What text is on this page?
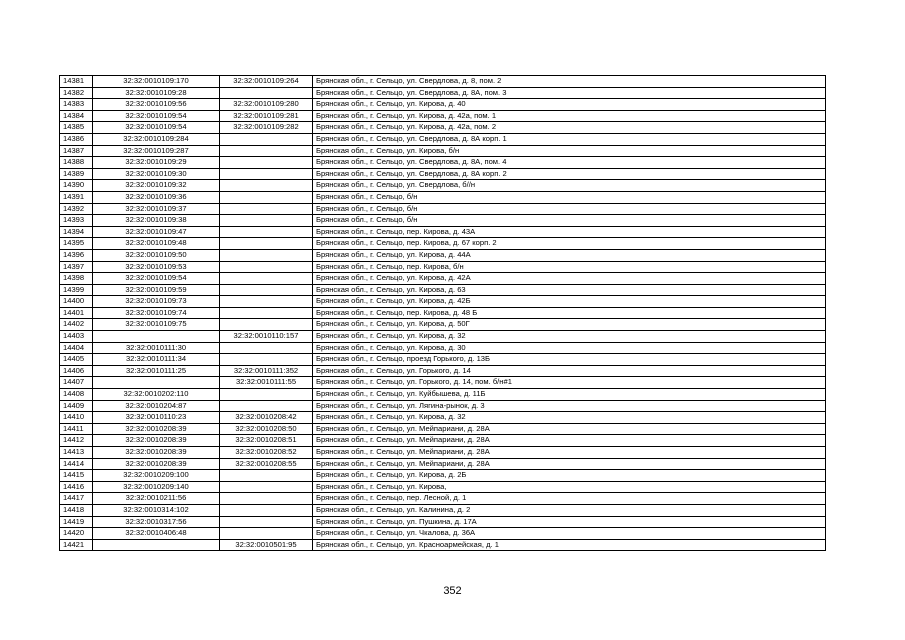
14381	32:32:0010109:170	32:32:0010109:264	Брянская обл., г. Сельцо, ул. Свердлова, д. 8, пом. 2
14382	32:32:0010109:28		Брянская обл., г. Сельцо, ул. Свердлова, д. 8А, пом. 3
14383	32:32:0010109:56	32:32:0010109:280	Брянская обл., г. Сельцо, ул. Кирова, д. 40
14384	32:32:0010109:54	32:32:0010109:281	Брянская обл., г. Сельцо, ул. Кирова, д. 42а, пом. 1
14385	32:32:0010109:54	32:32:0010109:282	Брянская обл., г. Сельцо, ул. Кирова, д. 42а, пом. 2
14386	32:32:0010109:284		Брянская обл., г. Сельцо, ул. Свердлова, д. 8А корп. 1
14387	32:32:0010109:287		Брянская обл., г. Сельцо, ул. Кирова, б/н
14388	32:32:0010109:29		Брянская обл., г. Сельцо, ул. Свердлова, д. 8А, пом. 4
14389	32:32:0010109:30		Брянская обл., г. Сельцо, ул. Свердлова, д. 8А корп. 2
14390	32:32:0010109:32		Брянская обл., г. Сельцо, ул. Свердлова, б//н
14391	32:32:0010109:36		Брянская обл., г. Сельцо, б/н
14392	32:32:0010109:37		Брянская обл., г. Сельцо, б/н
14393	32:32:0010109:38		Брянская обл., г. Сельцо, б/н
14394	32:32:0010109:47		Брянская обл., г. Сельцо, пер. Кирова, д. 43А
14395	32:32:0010109:48		Брянская обл., г. Сельцо, пер. Кирова, д. 67 корп. 2
14396	32:32:0010109:50		Брянская обл., г. Сельцо, ул. Кирова, д. 44А
14397	32:32:0010109:53		Брянская обл., г. Сельцо, пер. Кирова, б/н
14398	32:32:0010109:54		Брянская обл., г. Сельцо, ул. Кирова, д. 42А
14399	32:32:0010109:59		Брянская обл., г. Сельцо, ул. Кирова, д. 63
14400	32:32:0010109:73		Брянская обл., г. Сельцо, ул. Кирова, д. 42Б
14401	32:32:0010109:74		Брянская обл., г. Сельцо, пер. Кирова, д. 48 Б
14402	32:32:0010109:75		Брянская обл., г. Сельцо, ул. Кирова, д. 50Г
14403		32:32:0010110:157	Брянская обл., г. Сельцо, ул. Кирова, д. 32
14404	32:32:0010111:30		Брянская обл., г. Сельцо, ул. Кирова, д. 30
14405	32:32:0010111:34		Брянская обл., г. Сельцо, проезд Горького, д. 13Б
14406	32:32:0010111:25	32:32:0010111:352	Брянская обл., г. Сельцо, ул. Горького, д. 14
14407		32:32:0010111:55	Брянская обл., г. Сельцо, ул. Горького, д. 14, пом. б/н#1
14408	32:32:0010202:110		Брянская обл., г. Сельцо, ул. Куйбышева, д. 11Б
14409	32:32:0010204:87		Брянская обл., г. Сельцо, ул. Лягина-рынок, д. 3
14410	32:32:0010110:23	32:32:0010208:42	Брянская обл., г. Сельцо, ул. Кирова, д. 32
14411	32:32:0010208:39	32:32:0010208:50	Брянская обл., г. Сельцо, ул. Мейпариани, д. 28А
14412	32:32:0010208:39	32:32:0010208:51	Брянская обл., г. Сельцо, ул. Мейпариани, д. 28А
14413	32:32:0010208:39	32:32:0010208:52	Брянская обл., г. Сельцо, ул. Мейпариани, д. 28А
14414	32:32:0010208:39	32:32:0010208:55	Брянская обл., г. Сельцо, ул. Мейпариани, д. 28А
14415	32:32:0010209:100		Брянская обл., г. Сельцо, ул. Кирова, д. 2Б
14416	32:32:0010209:140		Брянская обл., г. Сельцо, ул. Кирова,
14417	32:32:0010211:56		Брянская обл., г. Сельцо, пер. Лесной, д. 1
14418	32:32:0010314:102		Брянская обл., г. Сельцо, ул. Калинина, д. 2
14419	32:32:0010317:56		Брянская обл., г. Сельцо, ул. Пушкина, д. 17А
14420	32:32:0010406:48		Брянская обл., г. Сельцо, ул. Чкалова, д. 36А
14421		32:32:0010501:95	Брянская обл., г. Сельцо, ул. Красноармейская, д. 1
352
